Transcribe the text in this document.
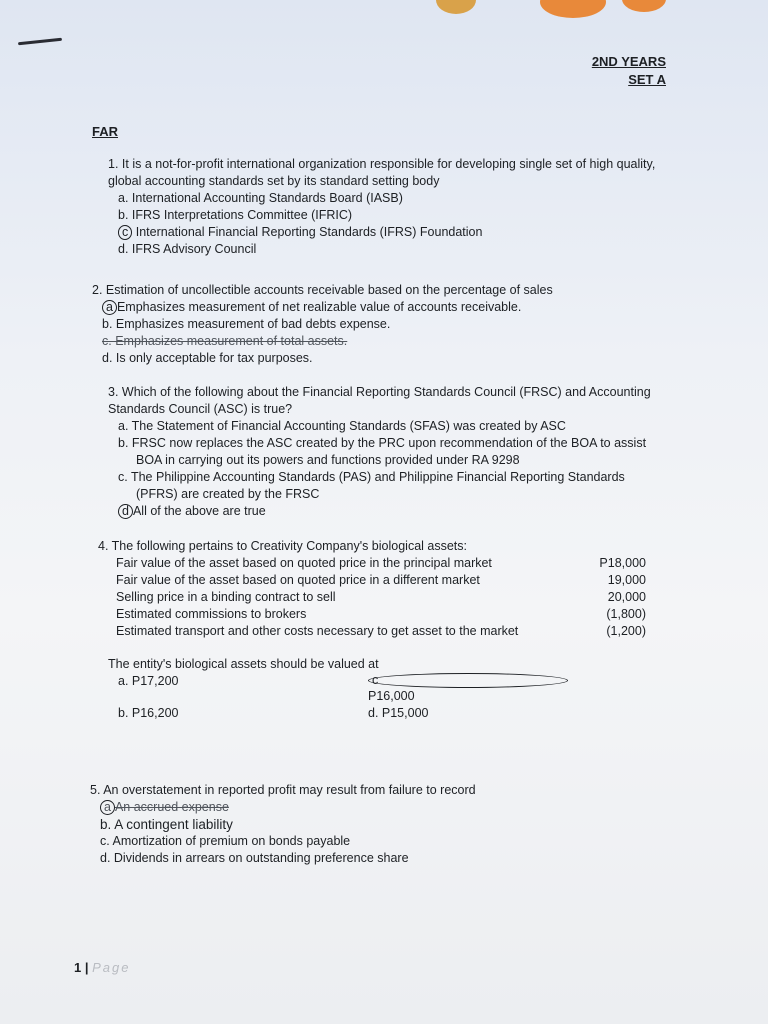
2ND YEARS
SET A
FAR
1. It is a not-for-profit international organization responsible for developing single set of high quality, global accounting standards set by its standard setting body
a. International Accounting Standards Board (IASB)
b. IFRS Interpretations Committee (IFRIC)
c International Financial Reporting Standards (IFRS) Foundation
d. IFRS Advisory Council
2. Estimation of uncollectible accounts receivable based on the percentage of sales
a Emphasizes measurement of net realizable value of accounts receivable.
b. Emphasizes measurement of bad debts expense.
c. Emphasizes measurement of total assets.
d. Is only acceptable for tax purposes.
3. Which of the following about the Financial Reporting Standards Council (FRSC) and Accounting Standards Council (ASC) is true?
a. The Statement of Financial Accounting Standards (SFAS) was created by ASC
b. FRSC now replaces the ASC created by the PRC upon recommendation of the BOA to assist BOA in carrying out its powers and functions provided under RA 9298
c. The Philippine Accounting Standards (PAS) and Philippine Financial Reporting Standards (PFRS) are created by the FRSC
d All of the above are true
4. The following pertains to Creativity Company's biological assets:
Fair value of the asset based on quoted price in the principal market	P18,000
Fair value of the asset based on quoted price in a different market	19,000
Selling price in a binding contract to sell	20,000
Estimated commissions to brokers	(1,800)
Estimated transport and other costs necessary to get asset to the market	(1,200)
The entity's biological assets should be valued at
a. P17,200	c
P16,000
b. P16,200	d. P15,000
5. An overstatement in reported profit may result from failure to record
a An accrued expense
b. A contingent liability
c. Amortization of premium on bonds payable
d. Dividends in arrears on outstanding preference share
1 | Page
